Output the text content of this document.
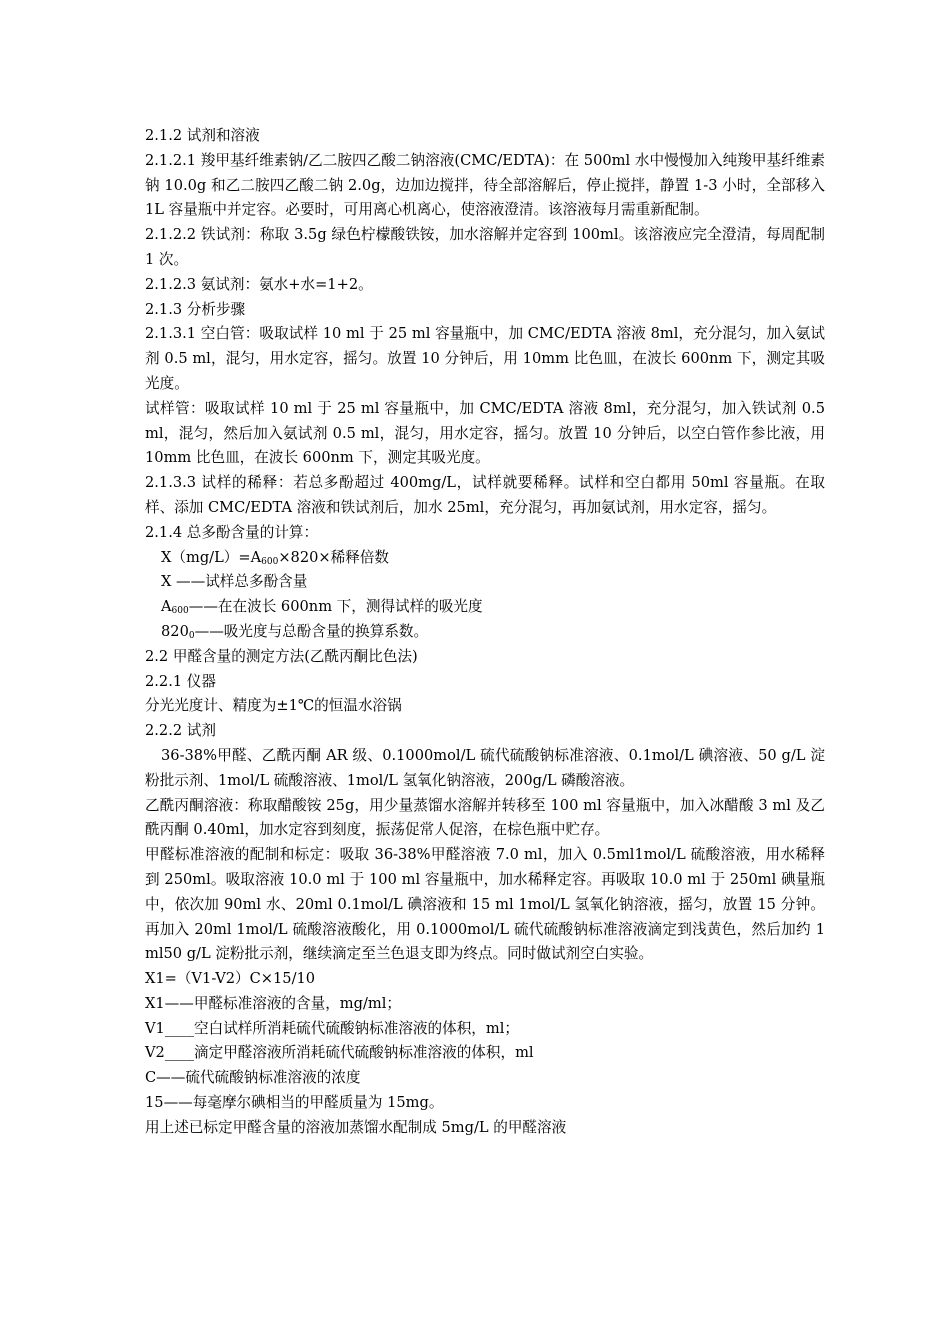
2.1.2 试剂和溶液

2.1.2.1 羧甲基纤维素钠/乙二胺四乙酸二钠溶液(CMC/EDTA)：在 500ml 水中慢慢加入纯羧甲基纤维素钠 10.0g 和乙二胺四乙酸二钠 2.0g，边加边搅拌，待全部溶解后，停止搅拌，静置 1-3 小时，全部移入 1L 容量瓶中并定容。必要时，可用离心机离心，使溶液澄清。该溶液每月需重新配制。

2.1.2.2 铁试剂：称取 3.5g 绿色柠檬酸铁铵，加水溶解并定容到 100ml。该溶液应完全澄清，每周配制 1 次。

2.1.2.3 氨试剂：氨水+水=1+2。

2.1.3 分析步骤

2.1.3.1 空白管：吸取试样 10 ml 于 25 ml 容量瓶中，加 CMC/EDTA 溶液 8ml，充分混匀，加入氨试剂 0.5 ml，混匀，用水定容，摇匀。放置 10 分钟后，用 10mm 比色皿，在波长 600nm 下，测定其吸光度。

试样管：吸取试样 10 ml 于 25 ml 容量瓶中，加 CMC/EDTA 溶液 8ml，充分混匀，加入铁试剂 0.5 ml，混匀，然后加入氨试剂 0.5 ml，混匀，用水定容，摇匀。放置 10 分钟后，以空白管作参比液，用 10mm 比色皿，在波长 600nm 下，测定其吸光度。

2.1.3.3 试样的稀释：若总多酚超过 400mg/L，试样就要稀释。试样和空白都用 50ml 容量瓶。在取样、添加 CMC/EDTA 溶液和铁试剂后，加水 25ml，充分混匀，再加氨试剂，用水定容，摇匀。

2.1.4 总多酚含量的计算：

$X(mg/L)=A_{600}\times 820\times$稀释倍数

X ——试样总多酚含量

$A_{600}——$在在波长 600nm 下，测得试样的吸光度

$820_0——$吸光度与总酚含量的换算系数。

2.2 甲醛含量的测定方法(乙酰丙酮比色法)

2.2.1 仪器

分光光度计、精度为±1℃的恒温水浴锅

2.2.2 试剂

36-38%甲醛、乙酰丙酮 AR 级、0.1000mol/L 硫代硫酸钠标准溶液、0.1mol/L 碘溶液、50 g/L 淀粉批示剂、1mol/L 硫酸溶液、1mol/L 氢氧化钠溶液，200g/L 磷酸溶液。

乙酰丙酮溶液：称取醋酸铵 25g，用少量蒸馏水溶解并转移至 100 ml 容量瓶中，加入冰醋酸 3 ml 及乙酰丙酮 0.40ml，加水定容到刻度，振荡促常人促溶，在棕色瓶中贮存。

甲醛标准溶液的配制和标定：吸取 36-38%甲醛溶液 7.0 ml，加入 0.5ml1mol/L 硫酸溶液，用水稀释到 250ml。吸取溶液 10.0 ml 于 100 ml 容量瓶中，加水稀释定容。再吸取 10.0 ml 于 250ml 碘量瓶中，依次加 90ml 水、20ml 0.1mol/L 碘溶液和 15 ml 1mol/L 氢氧化钠溶液，摇匀，放置 15 分钟。再加入 20ml 1mol/L 硫酸溶液酸化，用 0.1000mol/L 硫代硫酸钠标准溶液滴定到浅黄色，然后加约 1 ml50 g/L 淀粉批示剂，继续滴定至兰色退支即为终点。同时做试剂空白实验。

X1=（V1-V2）C×15/10

X1——甲醛标准溶液的含量，mg/ml；

V1____空白试样所消耗硫代硫酸钠标准溶液的体积，ml；

V2____滴定甲醛溶液所消耗硫代硫酸钠标准溶液的体积，ml

C——硫代硫酸钠标准溶液的浓度

15——每毫摩尔碘相当的甲醛质量为 15mg。

用上述已标定甲醛含量的溶液加蒸馏水配制成 5mg/L 的甲醛溶液
